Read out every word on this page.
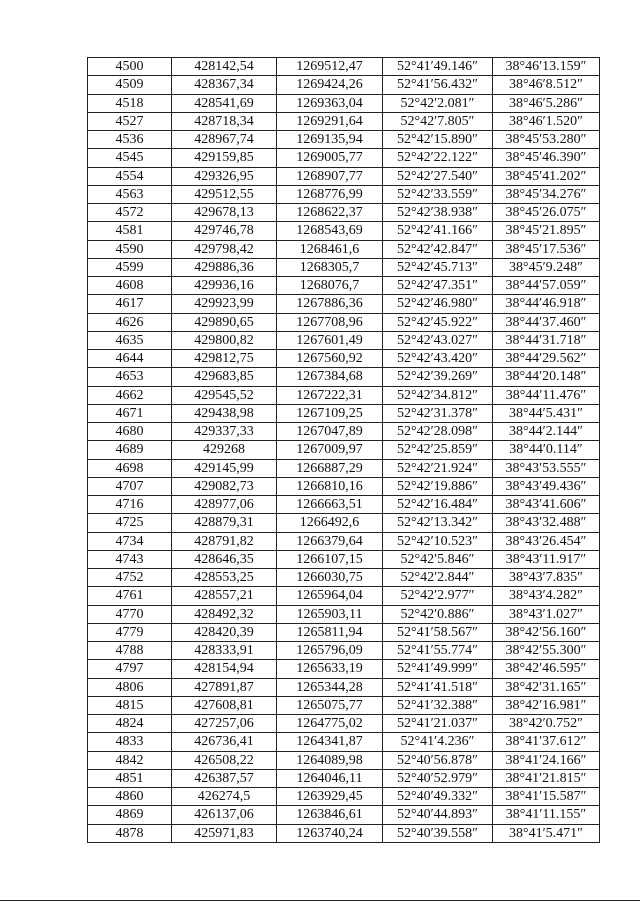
4500	428142,54	1269512,47	52°41′49.146″	38°46′13.159″
4509	428367,34	1269424,26	52°41′56.432″	38°46′8.512″
4518	428541,69	1269363,04	52°42′2.081″	38°46′5.286″
4527	428718,34	1269291,64	52°42′7.805″	38°46′1.520″
4536	428967,74	1269135,94	52°42′15.890″	38°45′53.280″
4545	429159,85	1269005,77	52°42′22.122″	38°45′46.390″
4554	429326,95	1268907,77	52°42′27.540″	38°45′41.202″
4563	429512,55	1268776,99	52°42′33.559″	38°45′34.276″
4572	429678,13	1268622,37	52°42′38.938″	38°45′26.075″
4581	429746,78	1268543,69	52°42′41.166″	38°45′21.895″
4590	429798,42	1268461,6	52°42′42.847″	38°45′17.536″
4599	429886,36	1268305,7	52°42′45.713″	38°45′9.248″
4608	429936,16	1268076,7	52°42′47.351″	38°44′57.059″
4617	429923,99	1267886,36	52°42′46.980″	38°44′46.918″
4626	429890,65	1267708,96	52°42′45.922″	38°44′37.460″
4635	429800,82	1267601,49	52°42′43.027″	38°44′31.718″
4644	429812,75	1267560,92	52°42′43.420″	38°44′29.562″
4653	429683,85	1267384,68	52°42′39.269″	38°44′20.148″
4662	429545,52	1267222,31	52°42′34.812″	38°44′11.476″
4671	429438,98	1267109,25	52°42′31.378″	38°44′5.431″
4680	429337,33	1267047,89	52°42′28.098″	38°44′2.144″
4689	429268	1267009,97	52°42′25.859″	38°44′0.114″
4698	429145,99	1266887,29	52°42′21.924″	38°43′53.555″
4707	429082,73	1266810,16	52°42′19.886″	38°43′49.436″
4716	428977,06	1266663,51	52°42′16.484″	38°43′41.606″
4725	428879,31	1266492,6	52°42′13.342″	38°43′32.488″
4734	428791,82	1266379,64	52°42′10.523″	38°43′26.454″
4743	428646,35	1266107,15	52°42′5.846″	38°43′11.917″
4752	428553,25	1266030,75	52°42′2.844″	38°43′7.835″
4761	428557,21	1265964,04	52°42′2.977″	38°43′4.282″
4770	428492,32	1265903,11	52°42′0.886″	38°43′1.027″
4779	428420,39	1265811,94	52°41′58.567″	38°42′56.160″
4788	428333,91	1265796,09	52°41′55.774″	38°42′55.300″
4797	428154,94	1265633,19	52°41′49.999″	38°42′46.595″
4806	427891,87	1265344,28	52°41′41.518″	38°42′31.165″
4815	427608,81	1265075,77	52°41′32.388″	38°42′16.981″
4824	427257,06	1264775,02	52°41′21.037″	38°42′0.752″
4833	426736,41	1264341,87	52°41′4.236″	38°41′37.612″
4842	426508,22	1264089,98	52°40′56.878″	38°41′24.166″
4851	426387,57	1264046,11	52°40′52.979″	38°41′21.815″
4860	426274,5	1263929,45	52°40′49.332″	38°41′15.587″
4869	426137,06	1263846,61	52°40′44.893″	38°41′11.155″
4878	425971,83	1263740,24	52°40′39.558″	38°41′5.471″
